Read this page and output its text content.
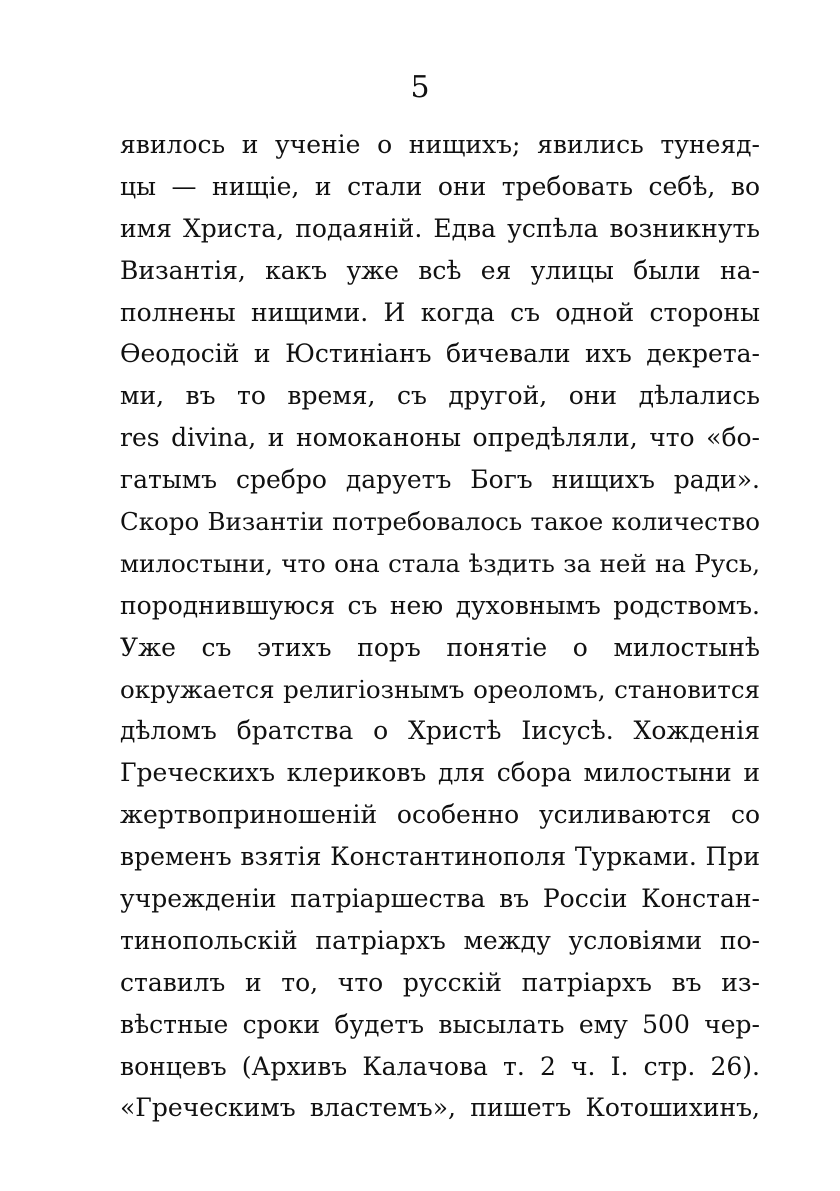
5
явилось и ученіе о нищихъ; явились тунеяд-
цы — нищіе, и стали они требовать себѣ, во
имя Христа, подаяній. Едва успѣла возникнуть
Византія, какъ уже всѣ ея улицы были на-
полнены нищими. И когда съ одной стороны
Ѳеодосій и Юстиніанъ бичевали ихъ декрета-
ми, въ то время, съ другой, они дѣлались
res divina, и номоканоны опредѣляли, что «бо-
гатымъ сребро даруетъ Богъ нищихъ ради».
Скоро Византіи потребовалось такое количество
милостыни, что она стала ѣздить за ней на Русь,
породнившуюся съ нею духовнымъ родствомъ.
Уже съ этихъ поръ понятіе о милостынѣ
окружается религіознымъ ореоломъ, становится
дѣломъ братства о Христѣ Іисусѣ. Хожденія
Греческихъ клериковъ для сбора милостыни и
жертвоприношеній особенно усиливаются со
временъ взятія Константинополя Турками. При
учрежденіи патріаршества въ Россіи Констан-
тинопольскій патріархъ между условіями по-
ставилъ и то, что русскій патріархъ въ из-
вѣстные сроки будетъ высылать ему 500 чер-
вонцевъ (Архивъ Калачова т. 2 ч. I. стр. 26).
«Греческимъ властемъ», пишетъ Котошихинъ,
